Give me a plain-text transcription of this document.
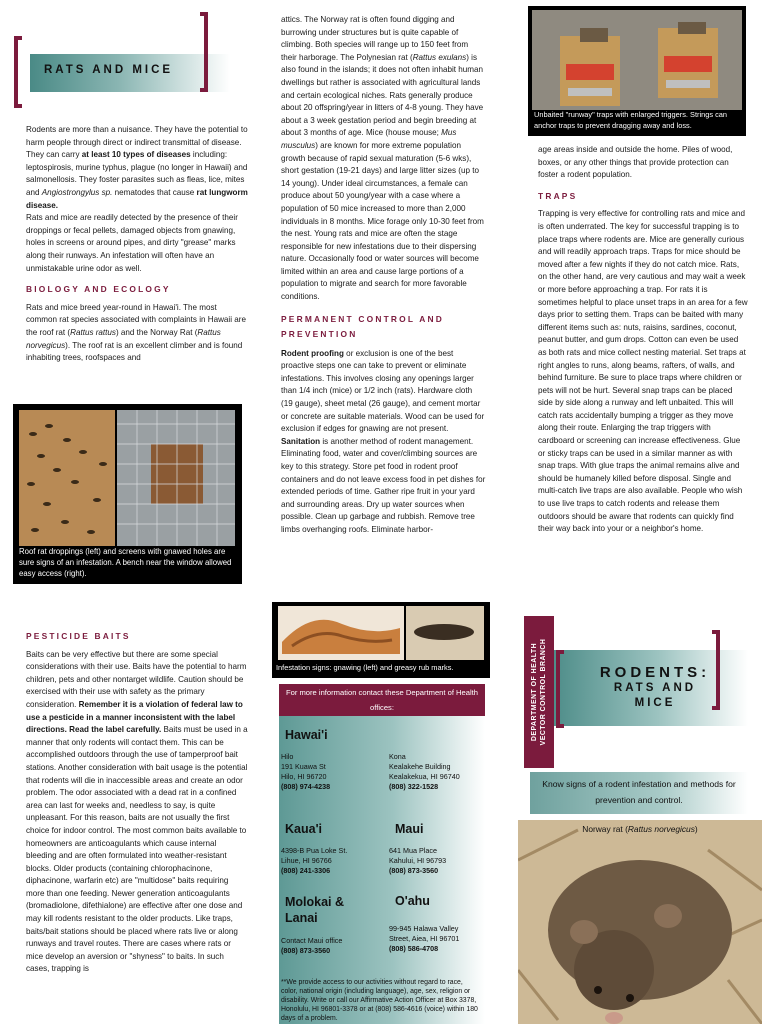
RATS AND MICE

Rodents are more than a nuisance. They have the potential to harm people through direct or indirect transmittal of disease. They can carry at least 10 types of diseases including: leptospirosis, murine typhus, plague (no longer in Hawaii) and salmonellosis. They foster parasites such as fleas, lice, mites and Angiostrongylus sp. nematodes that cause rat lungworm disease.

Rats and mice are readily detected by the presence of their droppings or fecal pellets, damaged objects from gnawing, holes in screens or around pipes, and dirty "grease" marks along their runways. An infestation will often have an unmistakable urine odor as well.

BIOLOGY AND ECOLOGY

Rats and mice breed year-round in Hawai'i. The most common rat species associated with complaints in Hawaii are the roof rat (Rattus rattus) and the Norway Rat (Rattus norvegicus). The roof rat is an excellent climber and is found inhabiting trees, roofspaces and

Roof rat droppings (left) and screens with gnawed holes are sure signs of an infestation. A bench near the window allowed easy access (right).

attics. The Norway rat is often found digging and burrowing under structures but is quite capable of climbing. Both species will range up to 150 feet from their harborage. The Polynesian rat (Rattus exulans) is also found in the islands; it does not often inhabit human dwellings but rather is associated with agricultural lands and certain ecological niches. Rats generally produce about 20 offspring/year in litters of 4-8 young. They have about a 3 week gestation period and begin breeding at about 3 months of age. Mice (house mouse; Mus musculus) are known for more extreme population growth because of rapid sexual maturation (5-6 wks), short gestation (19-21 days) and large litter sizes (up to 14 young). Under ideal circumstances, a female can produce about 50 young/year with a case where a population of 50 mice increased to more than 2,000 individuals in 8 months. Mice forage only 10-30 feet from the nest. Young rats and mice are often the stage responsible for new infestations due to their dispersing nature. Occasionally food or water sources will become limited within an area and cause large portions of a population to migrate and search for more favorable conditions.

PERMANENT CONTROL AND PREVENTION

Rodent proofing or exclusion is one of the best proactive steps one can take to prevent or eliminate infestations. This involves closing any openings larger than 1/4 inch (mice) or 1/2 inch (rats). Hardware cloth (19 gauge), sheet metal (26 gauge), and cement mortar or concrete are suitable materials. Wood can be used for exclusion if edges for gnawing are not present.

Sanitation is another method of rodent management. Eliminating food, water and cover/climbing sources are key to this strategy. Store pet food in rodent proof containers and do not leave excess food in pet dishes for extended periods of time. Gather ripe fruit in your yard and surrounding areas. Dry up water sources when possible. Clean up garbage and rubbish. Remove tree limbs overhanging roofs. Eliminate harbor-

Unbaited "runway" traps with enlarged triggers. Strings can anchor traps to prevent dragging away and loss.

age areas inside and outside the home. Piles of wood, boxes, or any other things that provide protection can foster a rodent population.

TRAPS

Trapping is very effective for controlling rats and mice and is often underrated. The key for successful trapping is to place traps where rodents are. Mice are generally curious and will readily approach traps. Traps for mice should be moved after a few nights if they do not catch mice. Rats, on the other hand, are very cautious and may wait a week or more before approaching a trap. For rats it is sometimes helpful to place unset traps in an area for a few days prior to setting them. Traps can be baited with many different items such as: nuts, raisins, sardines, coconut, peanut butter, and gum drops. Cotton can even be used as both rats and mice collect nesting material. Set traps at right angles to runs, along beams, rafters, of walls, and behind furniture. Be sure to place traps where children or pets will not be hurt. Several snap traps can be placed side by side along a runway and left unbaited. This will catch rats accidentally bumping a trigger as they move along their route. Enlarging the trap triggers with cardboard or screening can increase effectiveness. Glue or sticky traps can be used in a similar manner as with snap traps. With glue traps the animal remains alive and should be humanely killed before disposal. Single and multi-catch live traps are also available. People who wish to use live traps to catch rodents and release them outdoors should be aware that rodents can quickly find their way back into your or a neighbor's home.

PESTICIDE BAITS

Baits can be very effective but there are some special considerations with their use. Baits have the potential to harm children, pets and other nontarget wildlife. Caution should be exercised with their use with safety as the primary consideration. Remember it is a violation of federal law to use a pesticide in a manner inconsistent with the label directions. Read the label carefully. Baits must be used in a manner that only rodents will contact them. This can be accomplished outdoors through the use of tamperproof bait stations. Another consideration with bait usage is the potential that rodents will die in inaccessible areas and create an odor problem. The odor associated with a dead rat in a confined area can last for weeks and, needless to say, is quite unpleasant. For this reason, baits are not usually the first choice for indoor control. The most common baits available to homeowners are anticoagulants which cause internal bleeding and are often formulated into weather-resistant blocks. Older products (containing chlorophacinone, diphacinone, warfarin etc) are "multidose" baits requiring more than one feeding. Newer generation anticoagulants (bromadiolone, difethialone) are effective after one dose and may kill rodents resistant to the older products. Like traps, baits/bait stations should be placed where rats live or along runways and travel routes. There are cases where rats or mice develop an aversion or "shyness" to baits. In such cases, trapping is

Infestation signs: gnawing (left) and greasy rub marks.
For more information contact these Department of Health offices:
Hawai'i
Hilo
191 Kuawa St
Hilo, HI 96720
(808) 974-4238
Kona
Kealakehe Building
Kealakekua, HI 96740
(808) 322-1528
Kaua'i
4398-B Pua Loke St.
Lihue, HI 96766
(808) 241-3306
Maui
641 Mua Place
Kahului, HI 96793
(808) 873-3560
Molokai &
Lanai
Contact Maui office
(808) 873-3560
O'ahu
99-945 Halawa Valley
Street, Aiea, HI 96701
(808) 586-4708
**We provide access to our activities without regard to race, color, national origin (including language), age, sex, religion or disability. Write or call our Affirmative Action Officer at Box 3378, Honolulu, HI 96801-3378 or at (808) 586-4616 (voice) within 180 days of a problem.
DEPARTMENT OF HEALTH VECTOR CONTROL BRANCH	RODENTS:
RATS AND
MICE
Know signs of a rodent infestation and methods for prevention and control.
Norway rat (Rattus norvegicus)
